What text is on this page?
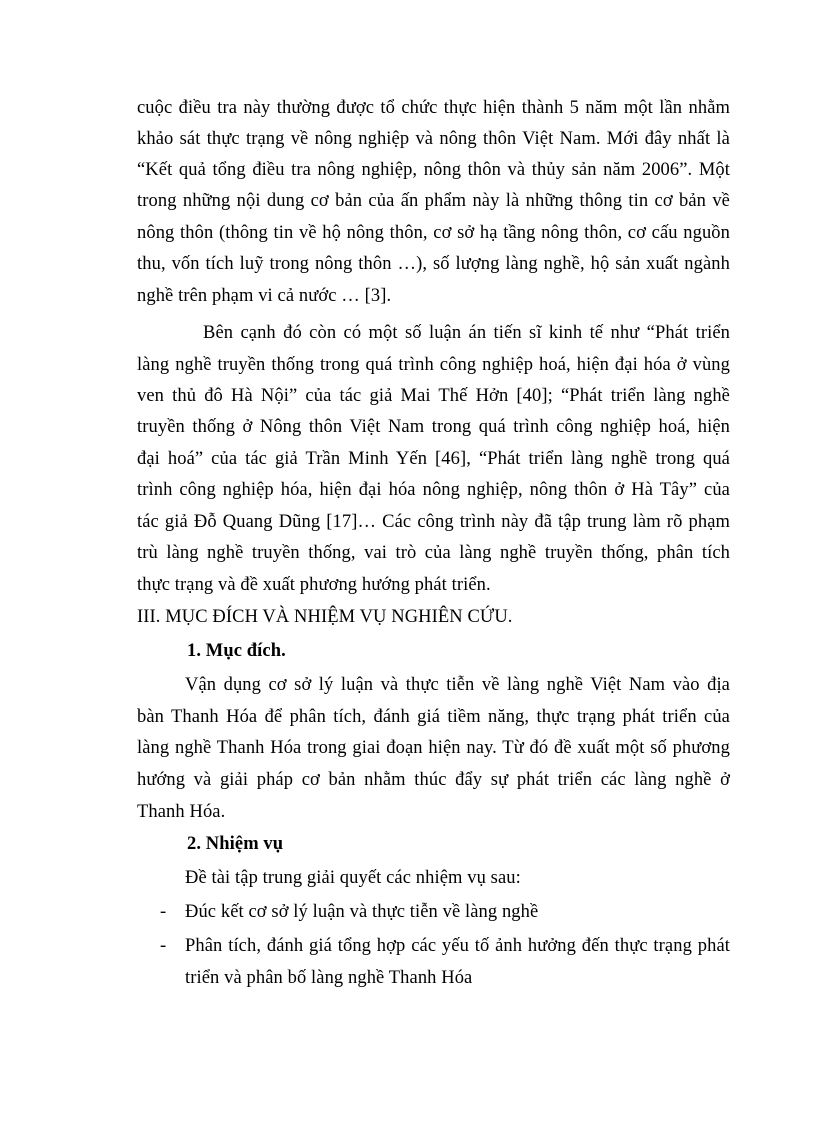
cuộc điều tra này thường được tổ chức thực hiện thành 5 năm một lần nhằm
khảo sát thực trạng về nông nghiệp và nông thôn Việt Nam. Mới đây nhất là
“Kết quả tổng điều tra nông nghiệp, nông thôn và thủy sản năm 2006”. Một
trong những nội dung cơ bản của ấn phẩm này là những thông tin cơ bản về
nông thôn (thông tin về hộ nông thôn, cơ sở hạ tầng nông thôn, cơ cấu nguồn
thu, vốn tích luỹ trong nông thôn …), số lượng làng nghề, hộ sản xuất ngành
nghề trên phạm vi cả nước … [3].
Bên cạnh đó còn có một số luận án tiến sĩ kinh tế như “Phát triển
làng nghề truyền thống trong quá trình công nghiệp hoá, hiện đại hóa ở vùng
ven thủ đô Hà Nội” của tác giả Mai Thế Hởn [40]; “Phát triển làng nghề
truyền thống ở Nông thôn Việt Nam trong quá trình công nghiệp hoá, hiện
đại hoá” của tác giả Trần Minh Yến [46], “Phát triển làng nghề trong quá
trình công nghiệp hóa, hiện đại hóa nông nghiệp, nông thôn ở Hà Tây” của
tác giả Đỗ Quang Dũng [17]… Các công trình này đã tập trung làm rõ phạm
trù làng nghề truyền thống, vai trò của làng nghề truyền thống, phân tích
thực trạng và đề xuất phương hướng phát triển.
III. MỤC ĐÍCH VÀ NHIỆM VỤ NGHIÊN CỨU.
1. Mục đích.
Vận dụng cơ sở lý luận và thực tiễn về làng nghề Việt Nam vào địa
bàn Thanh Hóa để phân tích, đánh giá tiềm năng, thực trạng phát triển của
làng nghề Thanh Hóa trong giai đoạn hiện nay. Từ đó đề xuất một số phương
hướng và giải pháp cơ bản nhằm thúc đẩy sự phát triển các làng nghề ở
Thanh Hóa.
2. Nhiệm vụ
Đề tài tập trung giải quyết các nhiệm vụ sau:
- Đúc kết cơ sở lý luận và thực tiễn về làng nghề
- Phân tích, đánh giá tổng hợp các yếu tố ảnh hưởng đến thực trạng phát
triển và phân bố làng nghề Thanh Hóa
